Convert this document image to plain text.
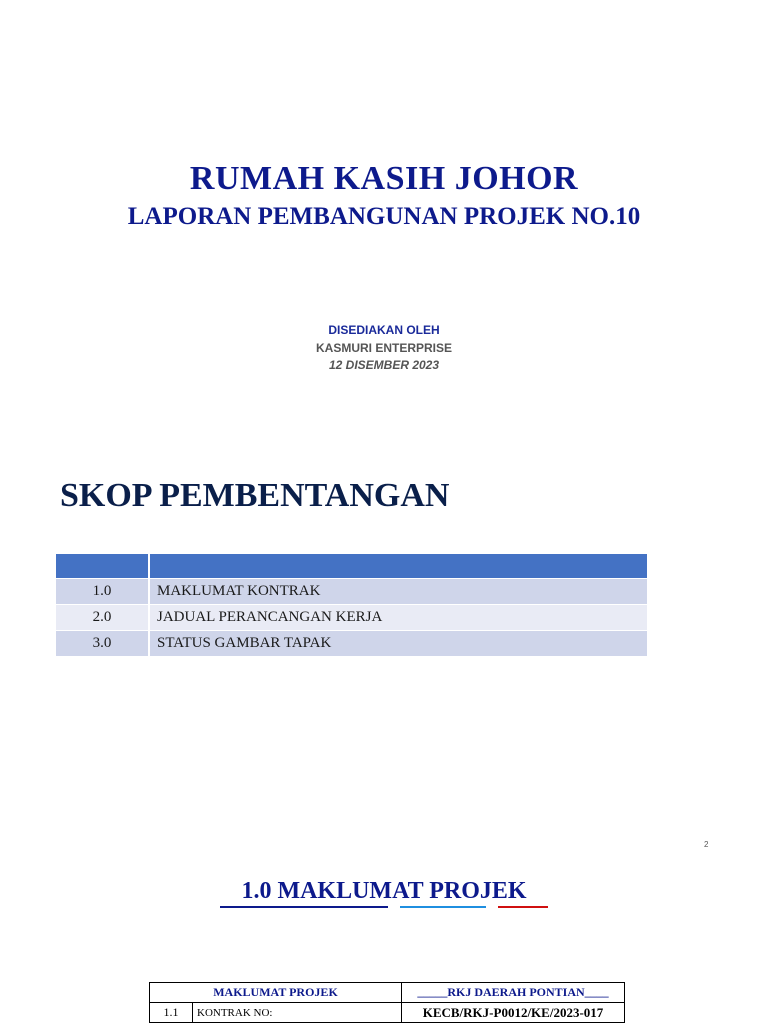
RUMAH KASIH JOHOR
LAPORAN PEMBANGUNAN PROJEK NO.10
DISEDIAKAN OLEH
KASMURI ENTERPRISE
12 DISEMBER 2023
SKOP PEMBENTANGAN

1.0	MAKLUMAT KONTRAK
2.0	JADUAL PERANCANGAN KERJA
3.0	STATUS GAMBAR TAPAK
2
1.0 MAKLUMAT PROJEK
MAKLUMAT PROJEK		_____RKJ DAERAH PONTIAN____
1.1	KONTRAK NO:	KECB/RKJ-P0012/KE/2023-017
